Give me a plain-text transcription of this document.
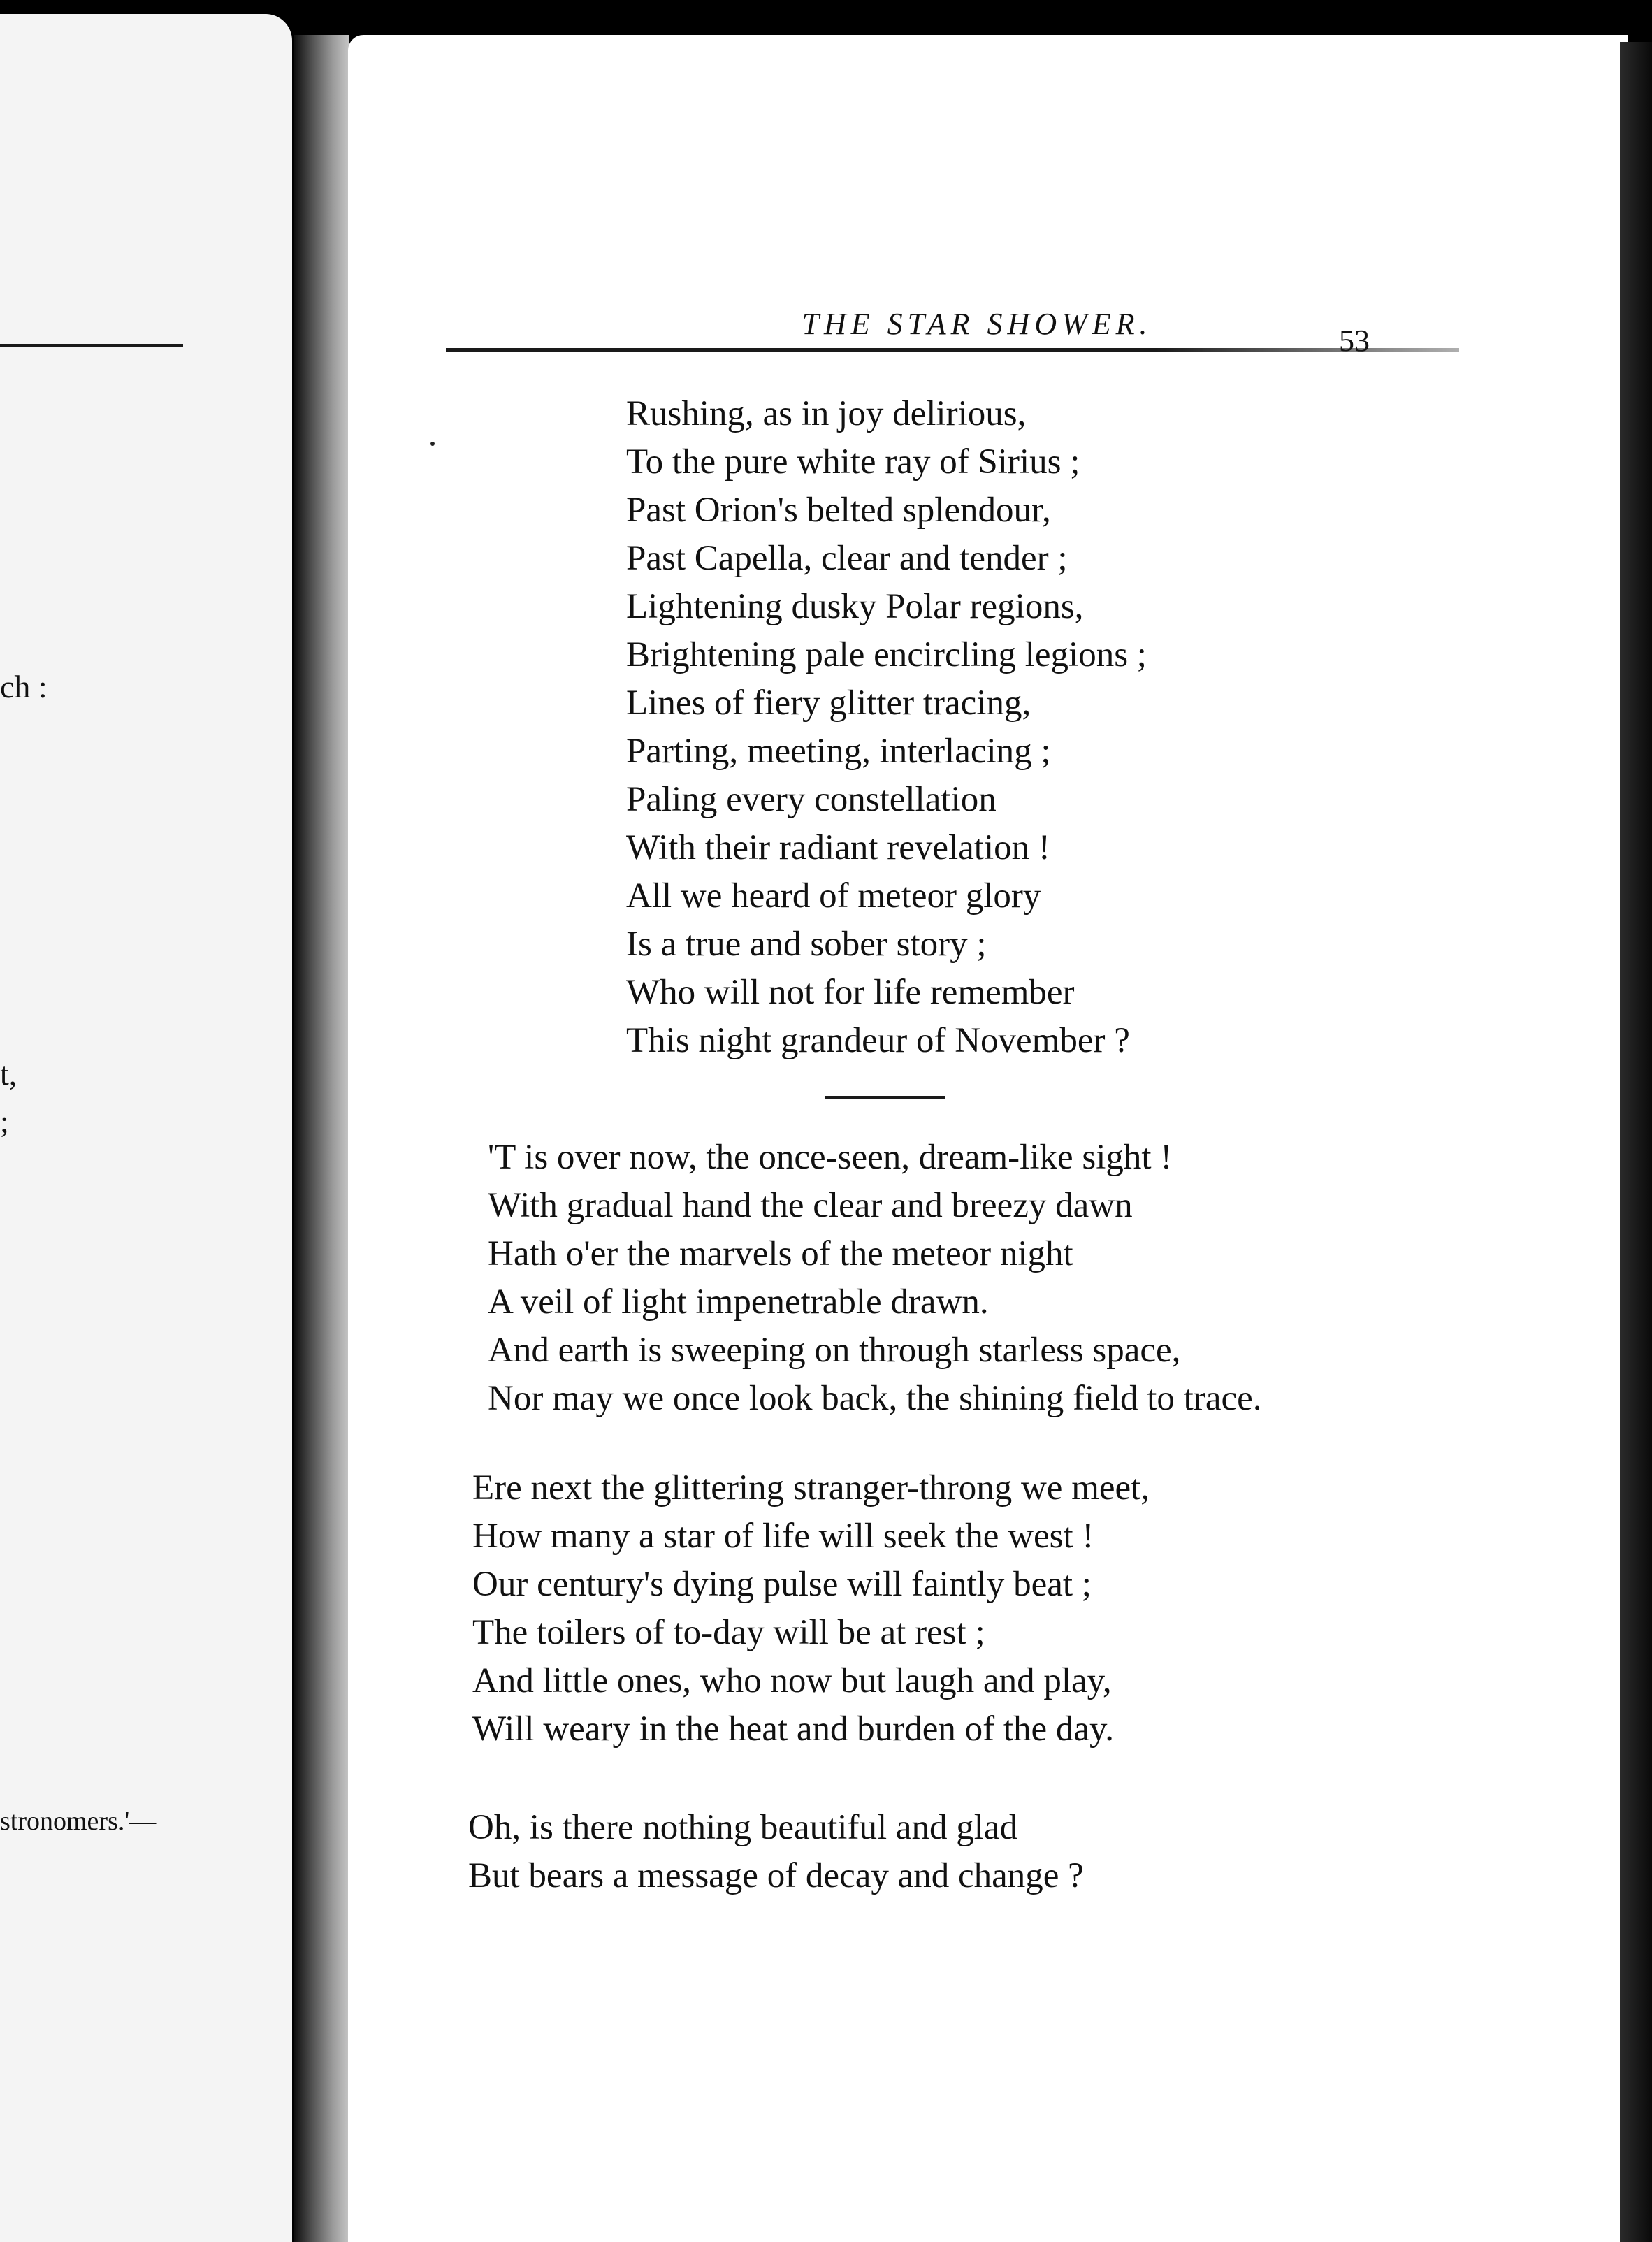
ch :
t,
;
stronomers.'—
THE STAR SHOWER.	53
Rushing, as in joy delirious,
To the pure white ray of Sirius ;
Past Orion's belted splendour,
Past Capella, clear and tender ;
Lightening dusky Polar regions,
Brightening pale encircling legions ;
Lines of fiery glitter tracing,
Parting, meeting, interlacing ;
Paling every constellation
With their radiant revelation !
All we heard of meteor glory
Is a true and sober story ;
Who will not for life remember
This night grandeur of November ?
'T is over now, the once-seen, dream-like sight !
With gradual hand the clear and breezy dawn
Hath o'er the marvels of the meteor night
A veil of light impenetrable drawn.
And earth is sweeping on through starless space,
Nor may we once look back, the shining field to trace.
Ere next the glittering stranger-throng we meet,
How many a star of life will seek the west !
Our century's dying pulse will faintly beat ;
The toilers of to-day will be at rest ;
And little ones, who now but laugh and play,
Will weary in the heat and burden of the day.
Oh, is there nothing beautiful and glad
But bears a message of decay and change ?
